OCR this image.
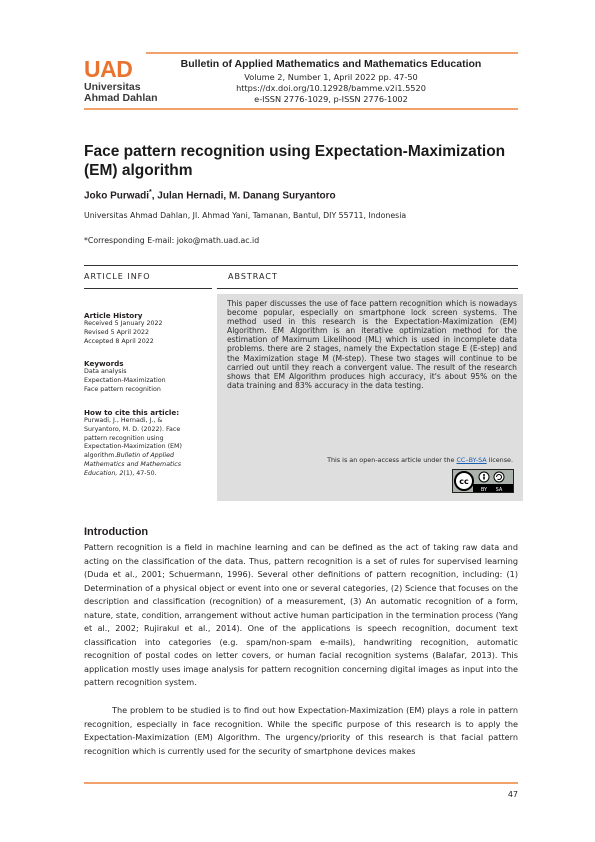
UAD
Universitas
Ahmad Dahlan
Bulletin of Applied Mathematics and Mathematics Education
Volume 2, Number 1, April 2022 pp. 47-50
https://dx.doi.org/10.12928/bamme.v2i1.5520
e-ISSN 2776-1029, p-ISSN 2776-1002
Face pattern recognition using Expectation-Maximization (EM) algorithm
Joko Purwadi*, Julan Hernadi, M. Danang Suryantoro
Universitas Ahmad Dahlan, Jl. Ahmad Yani, Tamanan, Bantul, DIY 55711, Indonesia
*Corresponding E-mail: joko@math.uad.ac.id
ARTICLE INFO	ABSTRACT
Article History
Received 5 January 2022
Revised 5 April 2022
Accepted 8 April 2022
Keywords
Data analysis
Expectation-Maximization
Face pattern recognition
How to cite this article:
Purwadi, J., Hernadi, J., &
Suryantoro, M. D. (2022). Face
pattern recognition using
Expectation-Maximization (EM)
algorithm.Bulletin of Applied
Mathematics and Mathematics
Education, 2(1), 47-50.
This paper discusses the use of face pattern recognition which is nowadays become popular, especially on smartphone lock screen systems. The method used in this research is the Expectation-Maximization (EM) Algorithm. EM Algorithm is an iterative optimization method for the estimation of Maximum Likelihood (ML) which is used in incomplete data problems. there are 2 stages, namely the Expectation stage E (E-step) and the Maximization stage M (M-step). These two stages will continue to be carried out until they reach a convergent value. The result of the research shows that EM Algorithm produces high accuracy, it's about 95% on the data training and 83% accuracy in the data testing.
This is an open-access article under the CC–BY-SA license.
cc
BY SA
Introduction
Pattern recognition is a field in machine learning and can be defined as the act of taking raw data and acting on the classification of the data. Thus, pattern recognition is a set of rules for supervised learning (Duda et al., 2001; Schuermann, 1996). Several other definitions of pattern recognition, including: (1) Determination of a physical object or event into one or several categories, (2) Science that focuses on the description and classification (recognition) of a measurement, (3) An automatic recognition of a form, nature, state, condition, arrangement without active human participation in the termination process (Yang et al., 2002; Rujirakul et al., 2014). One of the applications is speech recognition, document text classification into categories (e.g. spam/non-spam e-mails), handwriting recognition, automatic recognition of postal codes on letter covers, or human facial recognition systems (Balafar, 2013). This application mostly uses image analysis for pattern recognition concerning digital images as input into the pattern recognition system.
The problem to be studied is to find out how Expectation-Maximization (EM) plays a role in pattern recognition, especially in face recognition. While the specific purpose of this research is to apply the Expectation-Maximization (EM) Algorithm. The urgency/priority of this research is that facial pattern recognition which is currently used for the security of smartphone devices makes
47
